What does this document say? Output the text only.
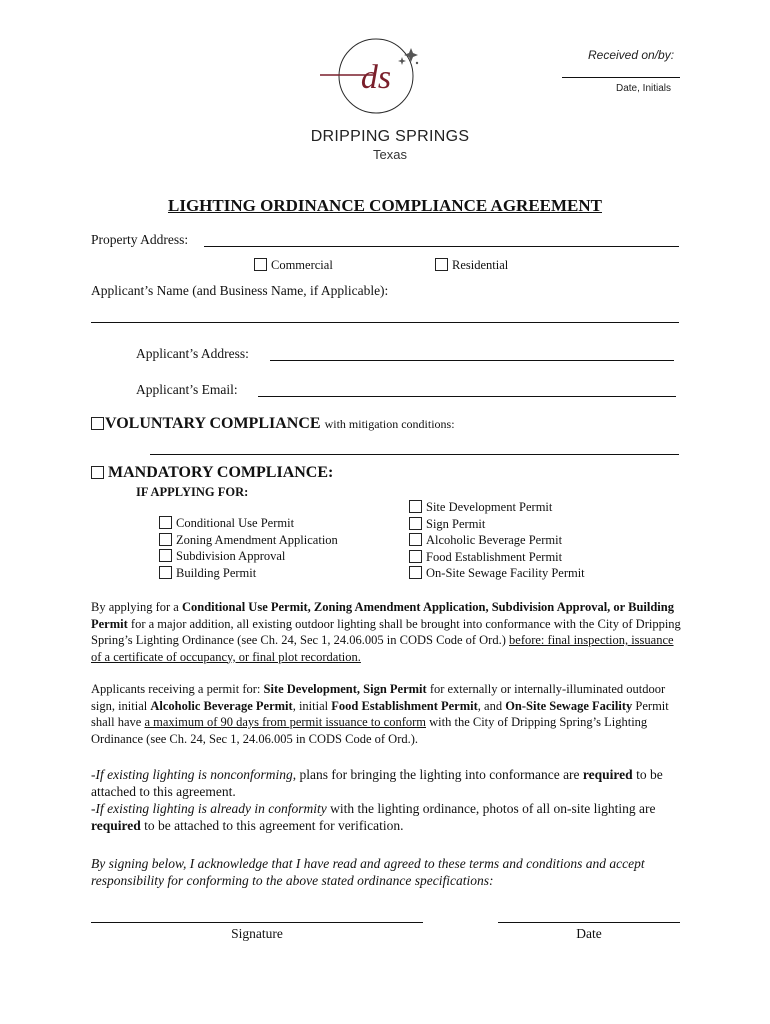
Received on/by:
Date, Initials
ds
DRIPPING SPRINGS
Texas
LIGHTING ORDINANCE COMPLIANCE AGREEMENT
Property Address:
Commercial	Residential
Applicant’s Name (and Business Name, if Applicable):
Applicant’s Address:
Applicant’s Email:
VOLUNTARY COMPLIANCE with mitigation conditions:
MANDATORY COMPLIANCE:
IF APPLYING FOR:
Conditional Use Permit
Zoning Amendment Application
Subdivision Approval
Building Permit
Site Development Permit
Sign Permit
Alcoholic Beverage Permit
Food Establishment Permit
On-Site Sewage Facility Permit
By applying for a Conditional Use Permit, Zoning Amendment Application, Subdivision Approval, or Building Permit for a major addition, all existing outdoor lighting shall be brought into conformance with the City of Dripping Spring’s Lighting Ordinance (see Ch. 24, Sec 1, 24.06.005 in CODS Code of Ord.) before: final inspection, issuance of a certificate of occupancy, or final plot recordation.
Applicants receiving a permit for: Site Development, Sign Permit for externally or internally-illuminated outdoor sign, initial Alcoholic Beverage Permit, initial Food Establishment Permit, and On-Site Sewage Facility Permit shall have a maximum of 90 days from permit issuance to conform with the City of Dripping Spring’s Lighting Ordinance (see Ch. 24, Sec 1, 24.06.005 in CODS Code of Ord.).
-If existing lighting is nonconforming, plans for bringing the lighting into conformance are required to be attached to this agreement.
-If existing lighting is already in conformity with the lighting ordinance, photos of all on-site lighting are required to be attached to this agreement for verification.
By signing below, I acknowledge that I have read and agreed to these terms and conditions and accept responsibility for conforming to the above stated ordinance specifications:
Signature	Date
